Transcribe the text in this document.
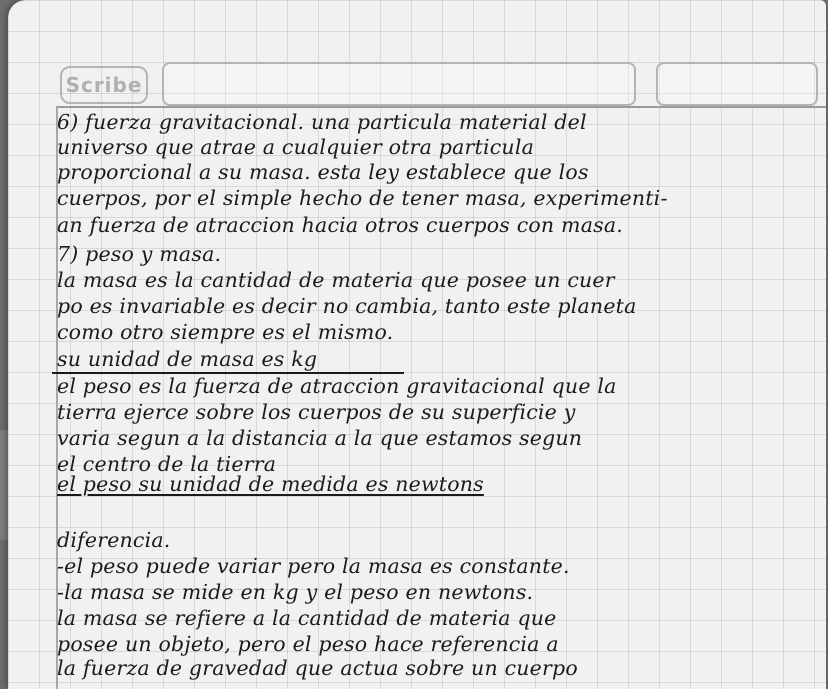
Scribe

6) fuerza gravitacional. una particula material del

universo que atrae a cualquier otra particula

proporcional a su masa. esta ley establece que los

cuerpos, por el simple hecho de tener masa, experimenti-

an fuerza de atraccion hacia otros cuerpos con masa.

7) peso y masa.

la masa es la cantidad de materia que posee un cuer

po es invariable es decir no cambia, tanto este planeta

como otro siempre es el mismo.

su unidad de masa es kg

el peso es la fuerza de atraccion gravitacional que la

tierra ejerce sobre los cuerpos de su superficie y

varia segun a la distancia a la que estamos segun

el centro de la tierra

el peso su unidad de medida es newtons

diferencia.

-el peso puede variar pero la masa es constante.

-la masa se mide en kg y el peso en newtons.

la masa se refiere a la cantidad de materia que

posee un objeto, pero el peso hace referencia a

la fuerza de gravedad que actua sobre un cuerpo
